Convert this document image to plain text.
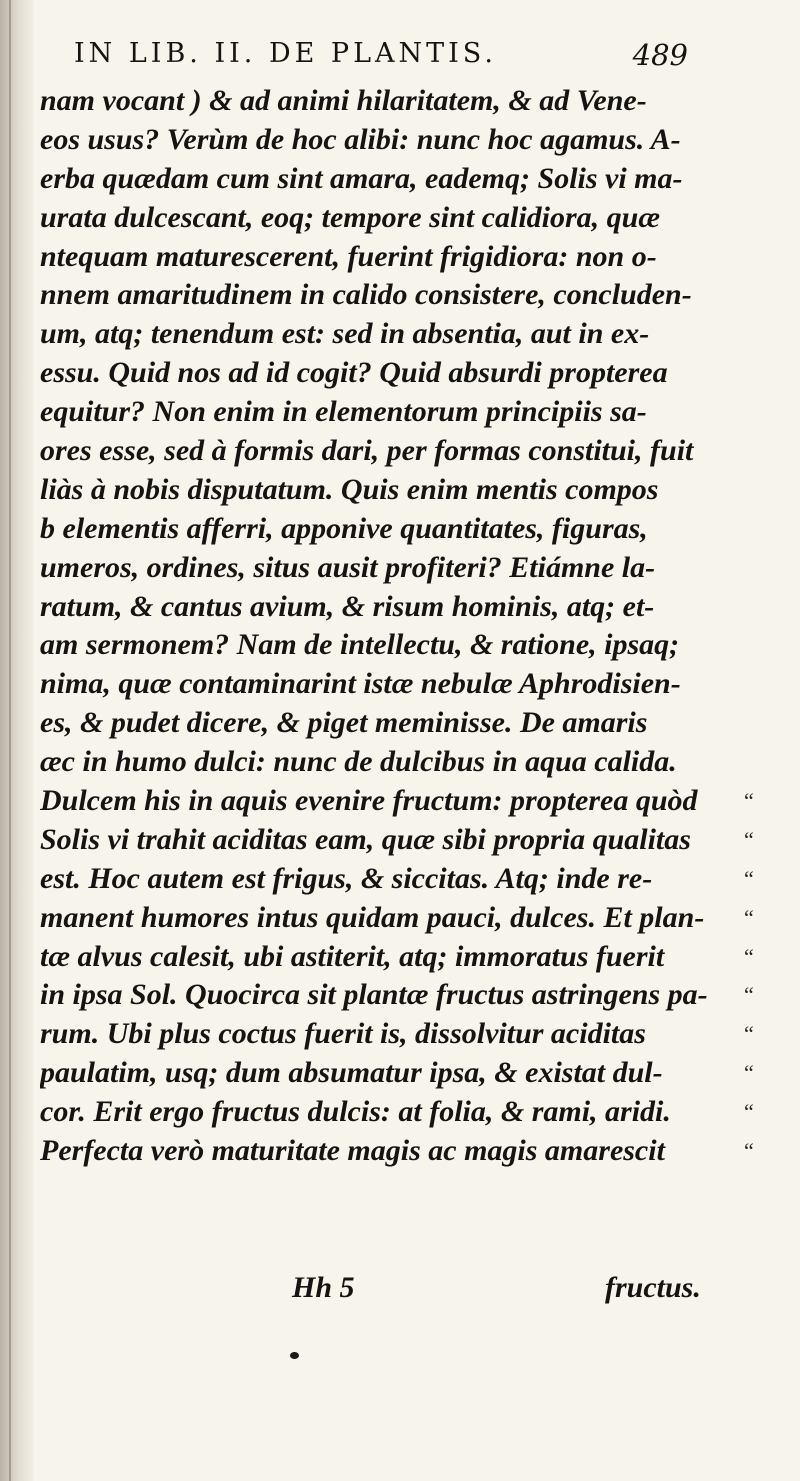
IN LIB. II. DE PLANTIS.	489
nam vocant ) & ad animi hilaritatem, & ad Vene-
eos usus? Verùm de hoc alibi: nunc hoc agamus. A-
erba quædam cum sint amara, eademq; Solis vi ma-
urata dulcescant, eoq; tempore sint calidiora, quæ
ntequam maturescerent, fuerint frigidiora: non o-
nnem amaritudinem in calido consistere, concluden-
um, atq; tenendum est: sed in absentia, aut in ex-
essu. Quid nos ad id cogit? Quid absurdi propterea
equitur? Non enim in elementorum principiis sa-
ores esse, sed à formis dari, per formas constitui, fuit
liàs à nobis disputatum. Quis enim mentis compos
b elementis afferri, apponive quantitates, figuras,
umeros, ordines, situs ausit profiteri? Etiámne la-
ratum, & cantus avium, & risum hominis, atq; et-
am sermonem? Nam de intellectu, & ratione, ipsaq;
nima, quæ contaminarint istæ nebulæ Aphrodisien-
es, & pudet dicere, & piget meminisse. De amaris
æc in humo dulci: nunc de dulcibus in aqua calida.
Dulcem his in aquis evenire fructum: propterea quòd
Solis vi trahit aciditas eam, quæ sibi propria qualitas
est. Hoc autem est frigus, & siccitas. Atq; inde re-
manent humores intus quidam pauci, dulces. Et plan-
tæ alvus calesit, ubi astiterit, atq; immoratus fuerit
in ipsa Sol. Quocirca sit plantæ fructus astringens pa-
rum. Ubi plus coctus fuerit is, dissolvitur aciditas
paulatim, usq; dum absumatur ipsa, & existat dul-
cor. Erit ergo fructus dulcis: at folia, & rami, aridi.
Perfecta verò maturitate magis ac magis amarescit
“
“
“
“
“
“
“
“
“
“
Hh 5	fructus.
